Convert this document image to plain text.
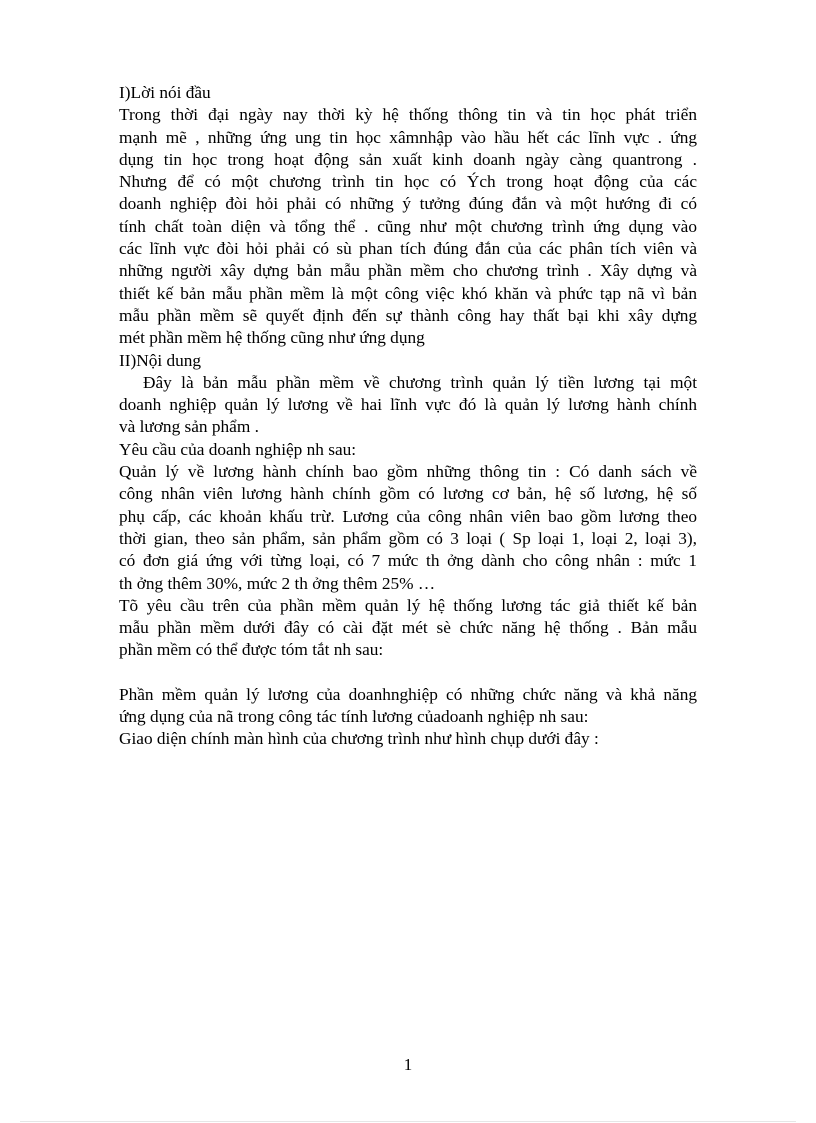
I)Lời nói đầu
Trong thời đại ngày nay thời kỳ hệ thống thông tin và tin học phát triển
mạnh mẽ , những ứng ung tin học xâmnhập vào hầu hết các lĩnh vực . ứng
dụng tin học trong hoạt động sản xuất kinh doanh ngày càng quantrong .
Nhưng để có một chương trình tin học có Ých trong hoạt động của các
doanh nghiệp đòi hỏi phải có những ý tưởng đúng đắn và một hướng đi có
tính chất toàn diện và tổng thể . cũng như một chương trình ứng dụng vào
các lĩnh vực đòi hỏi phải có sù phan tích đúng đắn của các phân tích viên và
những người xây dựng bản mẫu phần mềm cho chương trình . Xây dựng và
thiết kế bản mẫu phần mềm là một công việc khó khăn và phức tạp nã vì bản
mẫu phần mềm sẽ quyết định đến sự thành công hay thất bại khi xây dựng
mét phần mềm hệ thống cũng như ứng dụng
II)Nội dung
Đây là bản mẫu phần mềm về chương trình quản lý tiền lương tại một
doanh nghiệp quản lý lương về hai lĩnh vực đó là quản lý lương hành chính
và lương sản phẩm .
Yêu cầu của doanh nghiệp nh sau:
Quản lý về lương hành chính bao gồm những thông tin : Có danh sách về
công nhân viên lương hành chính gồm có lương cơ bản, hệ số lương, hệ số
phụ cấp, các khoản khấu trừ. Lương của công nhân viên bao gồm lương theo
thời gian, theo sản phẩm, sản phẩm gồm có 3 loại ( Sp loại 1, loại 2, loại 3),
có đơn giá ứng với từng loại, có 7 mức th ởng dành cho công nhân : mức 1
th ởng thêm 30%, mức 2 th ởng thêm 25% …
Tõ yêu cầu trên của phần mềm quản lý hệ thống lương tác giả thiết kế bản
mẫu phần mềm dưới đây có cài đặt mét sè chức năng hệ thống . Bản mẫu
phần mềm có thể được tóm tắt nh sau:
Phần mềm quản lý lương của doanhnghiệp có những chức năng và khả năng
ứng dụng của nã trong công tác tính lương củadoanh nghiệp nh sau:
Giao diện chính màn hình của chương trình như hình chụp dưới đây :
1
